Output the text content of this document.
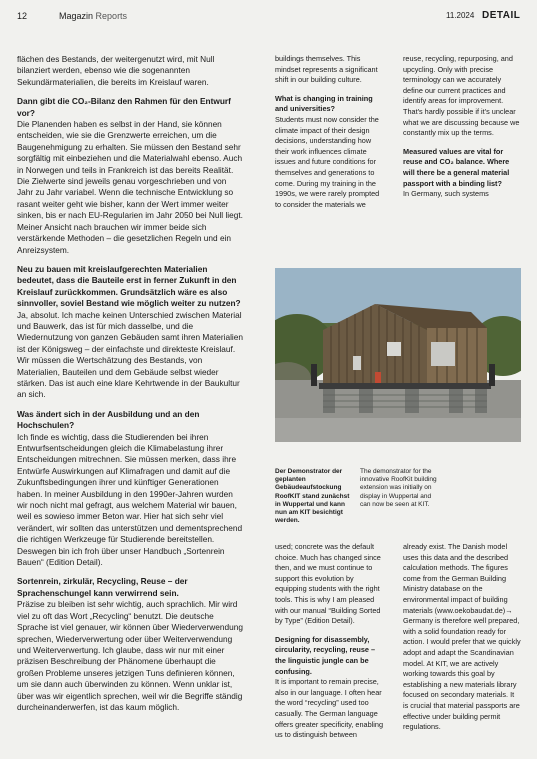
12	Magazin Reports	11.2024 DETAIL

flächen des Bestands, der weitergenutzt wird, mit Null bilanziert werden, ebenso wie die sogenannten Sekundärmaterialien, die bereits im Kreislauf waren.

Dann gibt die CO₂-Bilanz den Rahmen für den Entwurf vor?

Die Planenden haben es selbst in der Hand, sie können entscheiden, wie sie die Grenzwerte erreichen, um die Baugenehmigung zu erhalten. Sie müssen den Bestand sehr sorgfältig mit einbeziehen und die Materialwahl ebenso. Auch in Norwegen und teils in Frankreich ist das bereits Realität. Die Zielwerte sind jeweils genau vorgeschrieben und von Jahr zu Jahr variabel. Wenn die technische Entwicklung so rasant weiter geht wie bisher, kann der Wert immer weiter sinken, bis er nach EU-Regularien im Jahr 2050 bei Null liegt. Meiner Ansicht nach brauchen wir immer beide sich verstärkende Methoden – die gesetzlichen Regeln und ein Anreizsystem.

Neu zu bauen mit kreislaufgerechten Materialien bedeutet, dass die Bauteile erst in ferner Zukunft in den Kreislauf zurückkommen. Grundsätzlich wäre es also sinnvoller, soviel Bestand wie möglich weiter zu nutzen?

Ja, absolut. Ich mache keinen Unterschied zwischen Material und Bauwerk, das ist für mich dasselbe, und die Wiedernutzung von ganzen Gebäuden samt ihren Materialien ist der Königsweg – der einfachste und direkteste Kreislauf. Wir müssen die Wertschätzung des Bestands, von Materialien, Bauteilen und dem Gebäude selbst wieder stärken. Das ist auch eine klare Kehrtwende in der Baukultur an sich.

Was ändert sich in der Ausbildung und an den Hochschulen?

Ich finde es wichtig, dass die Studierenden bei ihren Entwurfsentscheidungen gleich die Klimabelastung ihrer Entscheidungen mitrechnen. Sie müssen merken, dass ihre Entwürfe Auswirkungen auf Klimafragen und damit auf die Zukunftsbedingungen ihrer und künftiger Generationen haben. In meiner Ausbildung in den 1990er-Jahren wurden wir noch nicht mal gefragt, aus welchem Material wir bauen, weil es sowieso immer Beton war. Hier hat sich sehr viel verändert, wir sollten das unterstützen und dementsprechend die richtigen Werkzeuge für Studierende bereitstellen. Deswegen bin ich froh über unser Handbuch „Sortenrein Bauen“ (Edition Detail).

Sortenrein, zirkulär, Recycling, Reuse – der Sprachenschungel kann verwirrend sein.

Präzise zu bleiben ist sehr wichtig, auch sprachlich. Mir wird viel zu oft das Wort „Recycling“ benutzt. Die deutsche Sprache ist viel genauer, wir können über Wiederverwendung sprechen, Wiederverwertung oder über Weiterverwendung und Weiterverwertung. Ich glaube, dass wir nur mit einer präzisen Beschreibung der Phänomene überhaupt die großen Probleme unseres jetzigen Tuns definieren können, um sie dann auch überwinden zu können. Wenn unklar ist, über was wir eigentlich sprechen, weil wir die Begriffe ständig durcheinanderwerfen, ist das kaum möglich.

buildings themselves. This mindset represents a significant shift in our building culture.

What is changing in training and universities?

Students must now consider the climate impact of their design decisions, understanding how their work influences climate issues and future conditions for themselves and generations to come. During my training in the 1990s, we were rarely prompted to consider the materials we

reuse, recycling, repurposing, and upcycling. Only with precise terminology can we accurately define our current practices and identify areas for improvement. That's hardly possible if it's unclear what we are discussing because we constantly mix up the terms.

Measured values are vital for reuse and CO₂ balance. Where will there be a general material passport with a binding list?

In Germany, such systems

Der Demonstrator der geplanten Gebäudeaufstockung RoofKIT stand zunächst in Wuppertal und kann nun am KIT besichtigt werden.
The demonstrator for the innovative RoofKit building extension was initially on display in Wuppertal and can now be seen at KIT.

used; concrete was the default choice. Much has changed since then, and we must continue to support this evolution by equipping students with the right tools. This is why I am pleased with our manual “Building Sorted by Type” (Edition Detail).

Designing for disassembly, circularity, recycling, reuse – the linguistic jungle can be confusing.

It is important to remain precise, also in our language. I often hear the word “recycling” used too casually. The German language offers greater specificity, enabling us to distinguish between

already exist. The Danish model uses this data and the described calculation methods. The figures come from the German Building Ministry database on the environmental impact of building materials (www.oekobaudat.de)→ Germany is therefore well prepared, with a solid foundation ready for action. I would prefer that we quickly adopt and adapt the Scandinavian model. At KIT, we are actively working towards this goal by establishing a new materials library focused on secondary materials. It is crucial that material passports are effective under building permit regulations.
